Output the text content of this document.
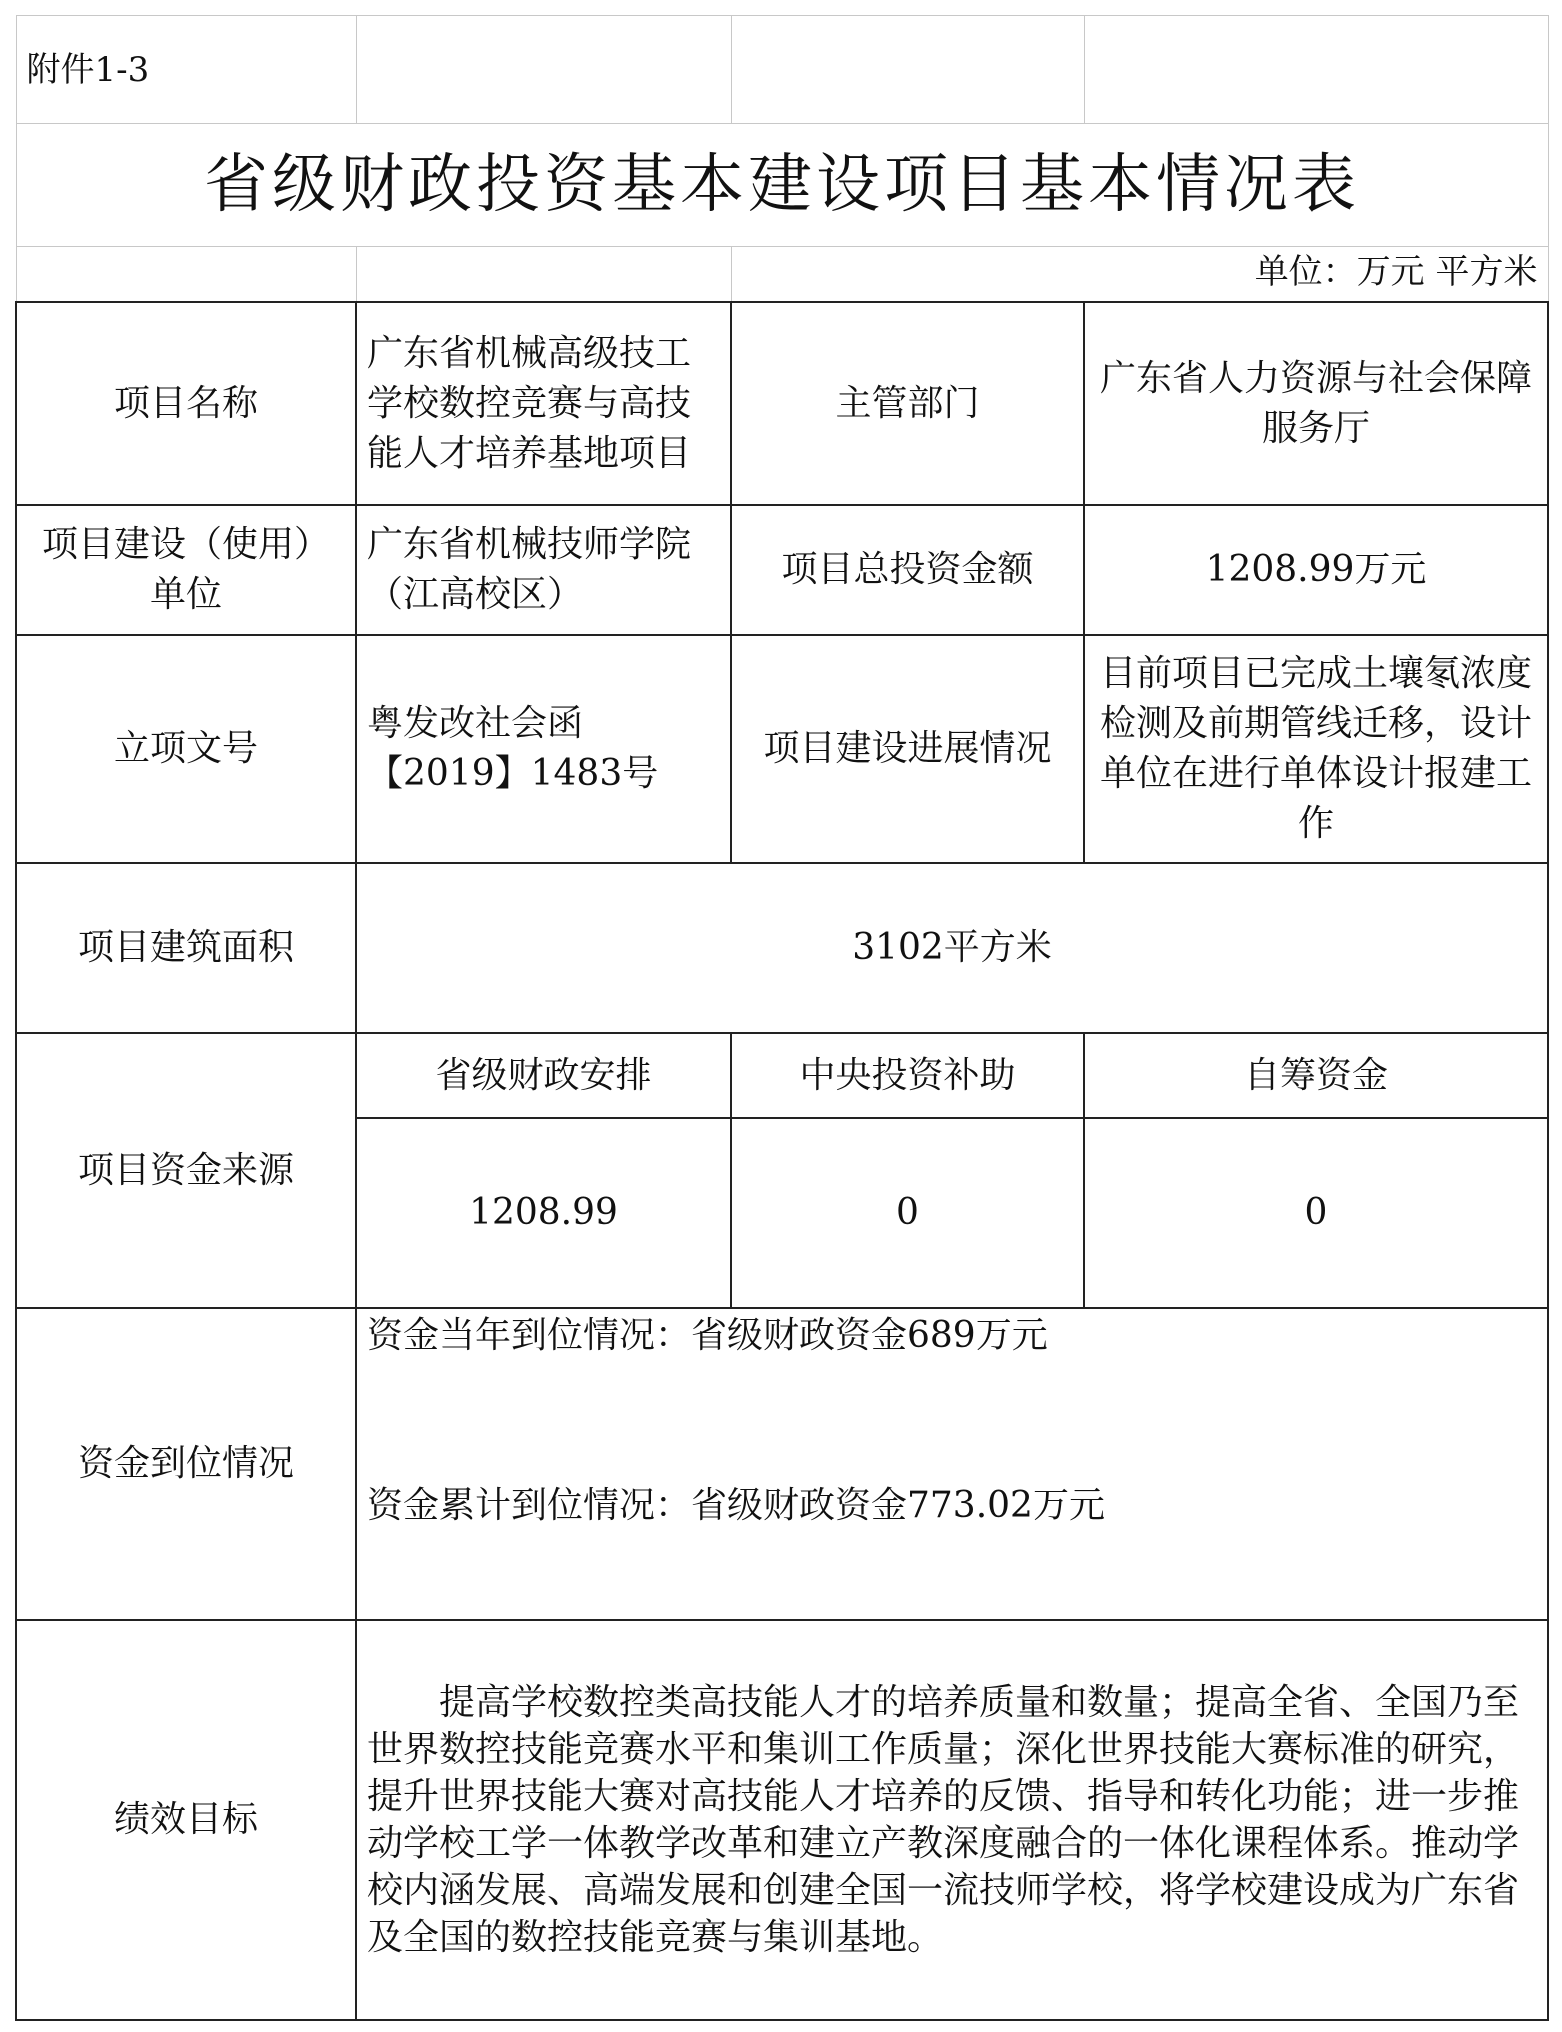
附件1-3			
省级财政投资基本建设项目基本情况表			
		单位：万元 平方米	
项目名称	广东省机械高级技工学校数控竞赛与高技能人才培养基地项目	主管部门	广东省人力资源与社会保障服务厅
项目建设（使用）单位	广东省机械技师学院（江高校区）	项目总投资金额	1208.99万元
立项文号	粤发改社会函【2019】1483号	项目建设进展情况	目前项目已完成土壤氡浓度检测及前期管线迁移，设计单位在进行单体设计报建工作
项目建筑面积	3102平方米		
项目资金来源	省级财政安排	中央投资补助	自筹资金
	1208.99	0	0
资金到位情况	资金当年到位情况：省级财政资金689万元
资金累计到位情况：省级财政资金773.02万元		

绩效目标	提高学校数控类高技能人才的培养质量和数量；提高全省、全国乃至世界数控技能竞赛水平和集训工作质量；深化世界技能大赛标准的研究，提升世界技能大赛对高技能人才培养的反馈、指导和转化功能；进一步推动学校工学一体教学改革和建立产教深度融合的一体化课程体系。推动学校内涵发展、高端发展和创建全国一流技师学校，将学校建设成为广东省及全国的数控技能竞赛与集训基地。		
